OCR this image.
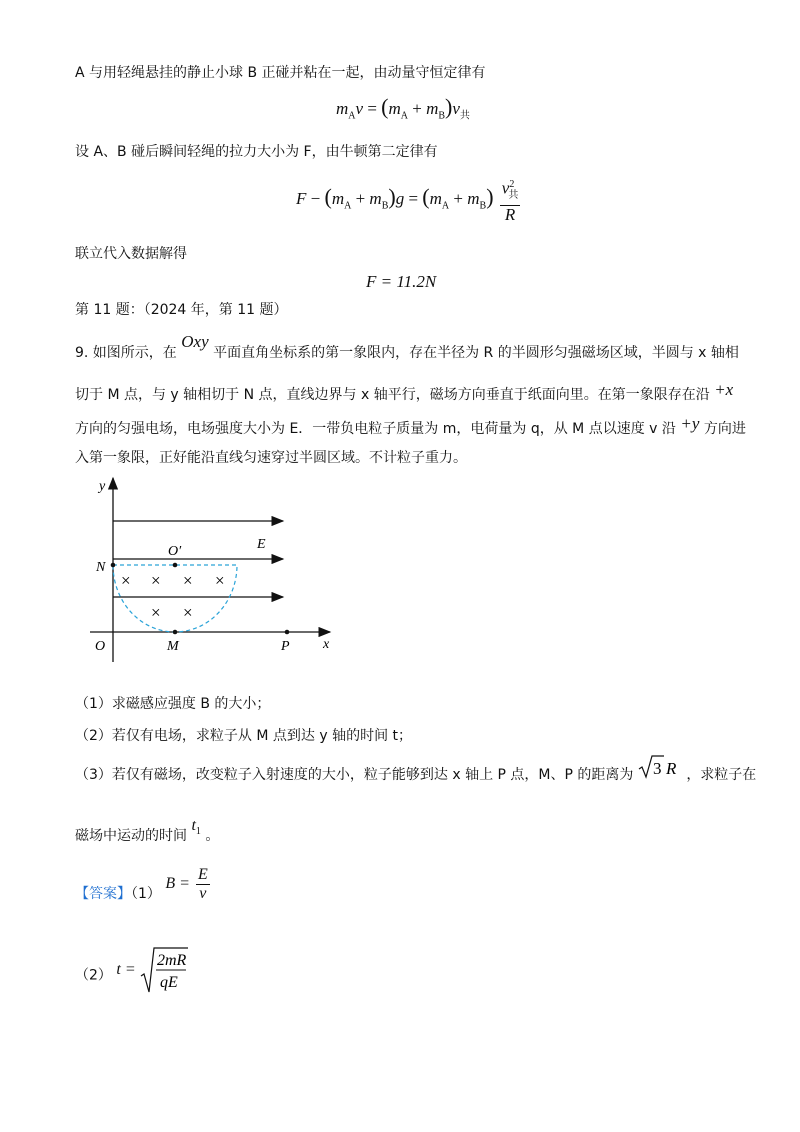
A 与用轻绳悬挂的静止小球 B 正碰并粘在一起，由动量守恒定律有
$m_Av = (m_A + m_B)v_共$
设 A、B 碰后瞬间轻绳的拉力大小为 F，由牛顿第二定律有
$F - (m_A + m_B)g = (m_A + m_B) \frac{v^2_共}{R}$
联立代入数据解得
F = 11.2N
第 11 题：（2024 年，第 11 题）
9. 如图所示，在 Oxy 平面直角坐标系的第一象限内，存在半径为 R 的半圆形匀强磁场区域，半圆与 x 轴相
切于 M 点，与 y 轴相切于 N 点，直线边界与 x 轴平行，磁场方向垂直于纸面向里。在第一象限存在沿 +x
方向的匀强电场，电场强度大小为 E．一带负电粒子质量为 m，电荷量为 q，从 M 点以速度 v 沿 +y 方向进
入第一象限，正好能沿直线匀速穿过半圆区域。不计粒子重力。
y
x
O
E
N
O′
M	P
× × × ×
× ×
（1）求磁感应强度 B 的大小；
（2）若仅有电场，求粒子从 M 点到达 y 轴的时间 t；
（3）若仅有磁场，改变粒子入射速度的大小，粒子能够到达 x 轴上 P 点，M、P 的距离为 3 R ，求粒子在
磁场中运动的时间 $t_1$ 。
【答案】（1） $B = \frac{E}{v}$
（2） t =
2mR
qE
